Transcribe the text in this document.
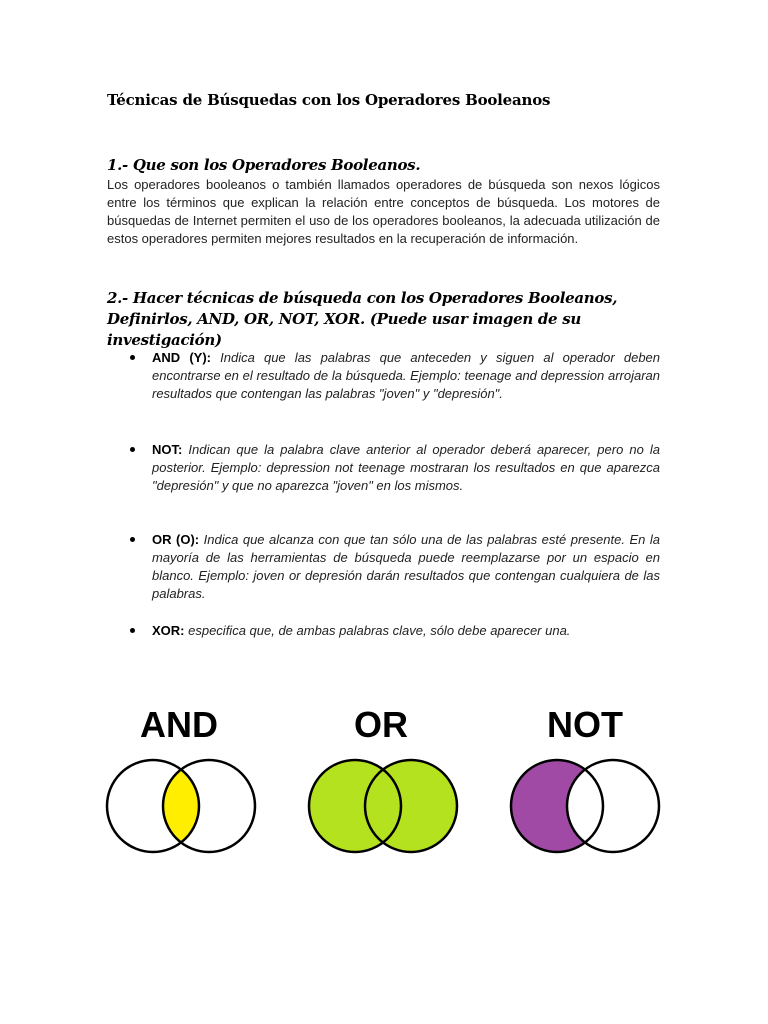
Técnicas de Búsquedas con los Operadores Booleanos
1.- Que son los Operadores Booleanos.
Los operadores booleanos o también llamados operadores de búsqueda son nexos lógicos entre los términos que explican la relación entre conceptos de búsqueda. Los motores de búsquedas de Internet permiten el uso de los operadores booleanos, la adecuada utilización de estos operadores permiten mejores resultados en la recuperación de información.
2.- Hacer técnicas de búsqueda con los Operadores Booleanos, Definirlos, AND, OR, NOT, XOR. (Puede usar imagen de su investigación)
AND (Y): Indica que las palabras que anteceden y siguen al operador deben encontrarse en el resultado de la búsqueda. Ejemplo: teenage and depression arrojaran resultados que contengan las palabras "joven" y "depresión".
NOT: Indican que la palabra clave anterior al operador deberá aparecer, pero no la posterior. Ejemplo: depression not teenage mostraran los resultados en que aparezca "depresión" y que no aparezca "joven" en los mismos.
OR (O): Indica que alcanza con que tan sólo una de las palabras esté presente. En la mayoría de las herramientas de búsqueda puede reemplazarse por un espacio en blanco. Ejemplo: joven or depresión darán resultados que contengan cualquiera de las palabras.
XOR: especifica que, de ambas palabras clave, sólo debe aparecer una.
AND	OR	NOT
